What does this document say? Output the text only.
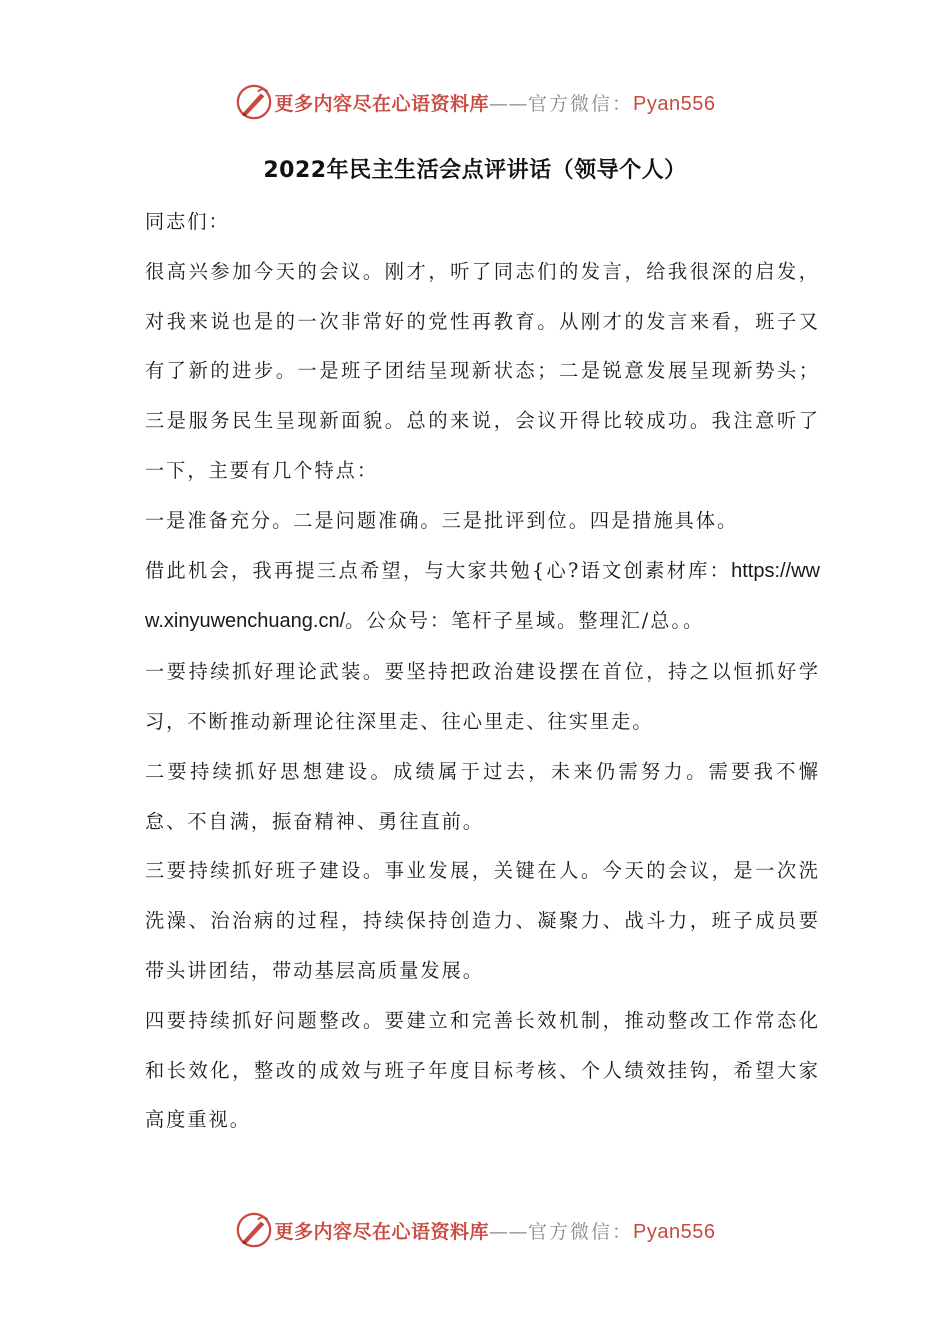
更多内容尽在心语资料库——官方微信：Pyan556
2022年民主生活会点评讲话（领导个人）

同志们：

很高兴参加今天的会议。刚才，听了同志们的发言，给我很深的启发，对我来说也是的一次非常好的党性再教育。从刚才的发言来看，班子又有了新的进步。一是班子团结呈现新状态；二是锐意发展呈现新势头；三是服务民生呈现新面貌。总的来说，会议开得比较成功。我注意听了一下，主要有几个特点：

一是准备充分。二是问题准确。三是批评到位。四是措施具体。

借此机会，我再提三点希望，与大家共勉{心?语文创素材库：https://www.xinyuwenchuang.cn/。公众号：笔杆子星域。整理汇/总。。

一要持续抓好理论武装。要坚持把政治建设摆在首位，持之以恒抓好学习，不断推动新理论往深里走、往心里走、往实里走。

二要持续抓好思想建设。成绩属于过去，未来仍需努力。需要我不懈怠、不自满，振奋精神、勇往直前。

三要持续抓好班子建设。事业发展，关键在人。今天的会议，是一次洗洗澡、治治病的过程，持续保持创造力、凝聚力、战斗力，班子成员要带头讲团结，带动基层高质量发展。

四要持续抓好问题整改。要建立和完善长效机制，推动整改工作常态化和长效化，整改的成效与班子年度目标考核、个人绩效挂钩，希望大家高度重视。

更多内容尽在心语资料库——官方微信：Pyan556
